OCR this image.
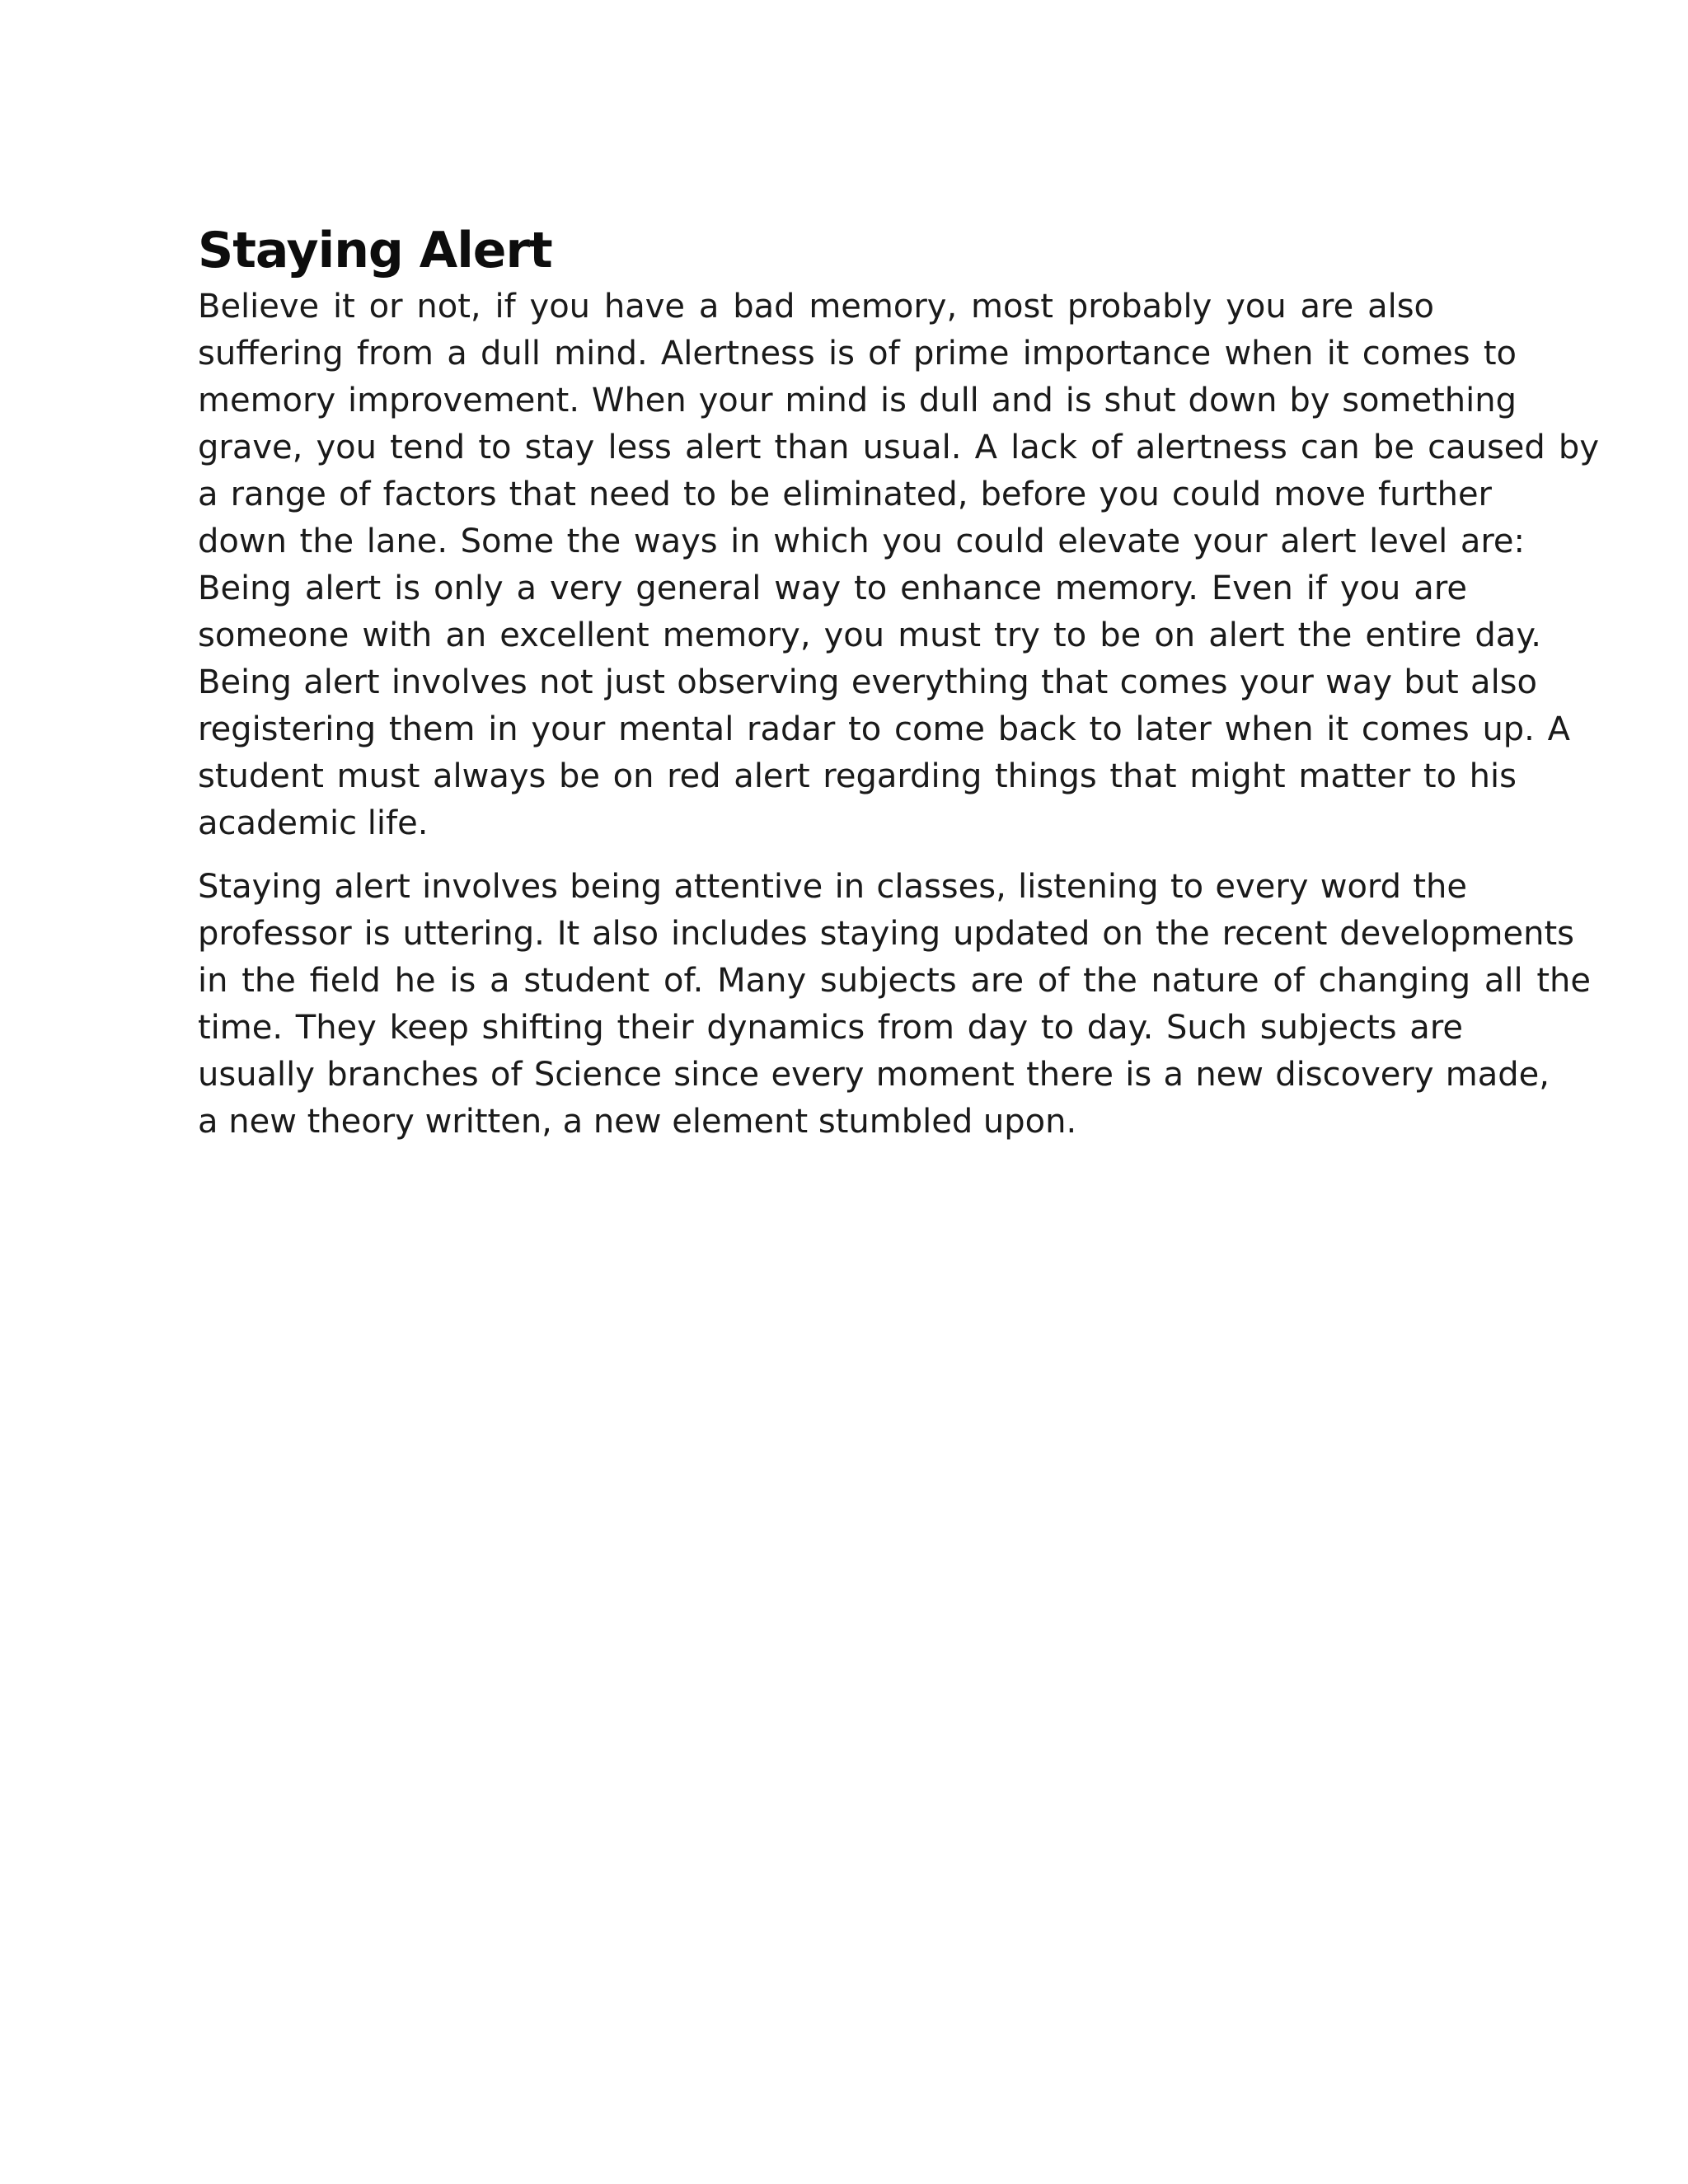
Staying Alert

Believe it or not, if you have a bad memory, most probably you are also
suffering from a dull mind. Alertness is of prime importance when it comes to
memory improvement. When your mind is dull and is shut down by something
grave, you tend to stay less alert than usual. A lack of alertness can be caused by
a range of factors that need to be eliminated, before you could move further
down the lane. Some the ways in which you could elevate your alert level are:
Being alert is only a very general way to enhance memory. Even if you are
someone with an excellent memory, you must try to be on alert the entire day.
Being alert involves not just observing everything that comes your way but also
registering them in your mental radar to come back to later when it comes up. A
student must always be on red alert regarding things that might matter to his
academic life.

Staying alert involves being attentive in classes, listening to every word the
professor is uttering. It also includes staying updated on the recent developments
in the field he is a student of. Many subjects are of the nature of changing all the
time. They keep shifting their dynamics from day to day. Such subjects are
usually branches of Science since every moment there is a new discovery made,
a new theory written, a new element stumbled upon.
